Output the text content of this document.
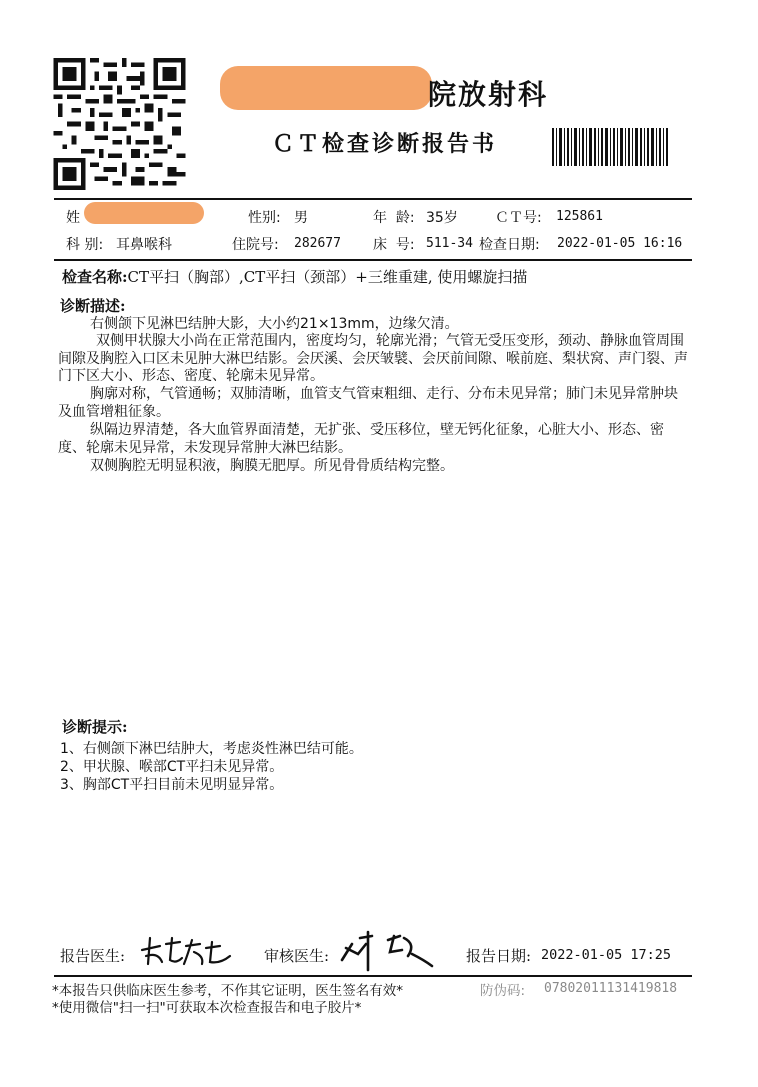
院放射科
ＣＴ检查诊断报告书
姓	性别: 男	年  龄: 35岁	ＣＴ号: 125861
科 别: 耳鼻喉科	住院号: 282677 床  号: 511-34 检查日期: 2022-01-05 16:16
检查名称:CT平扫（胸部）,CT平扫（颈部）+三维重建, 使用螺旋扫描
诊断描述:

右侧颌下见淋巴结肿大影，大小约21×13mm，边缘欠清。

双侧甲状腺大小尚在正常范围内，密度均匀，轮廓光滑；气管无受压变形，颈动、静脉血管周围间隙及胸腔入口区未见肿大淋巴结影。会厌溪、会厌皱襞、会厌前间隙、喉前庭、梨状窝、声门裂、声门下区大小、形态、密度、轮廓未见异常。

胸廓对称，气管通畅；双肺清晰，血管支气管束粗细、走行、分布未见异常；肺门未见异常肿块及血管增粗征象。

纵隔边界清楚，各大血管界面清楚，无扩张、受压移位，壁无钙化征象，心脏大小、形态、密度、轮廓未见异常，未发现异常肿大淋巴结影。

双侧胸腔无明显积液，胸膜无肥厚。所见骨骨质结构完整。

诊断提示:
1、右侧颌下淋巴结肿大，考虑炎性淋巴结可能。
2、甲状腺、喉部CT平扫未见异常。
3、胸部CT平扫目前未见明显异常。
报告医生:	审核医生:	报告日期: 2022-01-05 17:25
*本报告只供临床医生参考，不作其它证明，医生签名有效*
*使用微信"扫一扫"可获取本次检查报告和电子胶片*
防伪码: 07802011131419818
